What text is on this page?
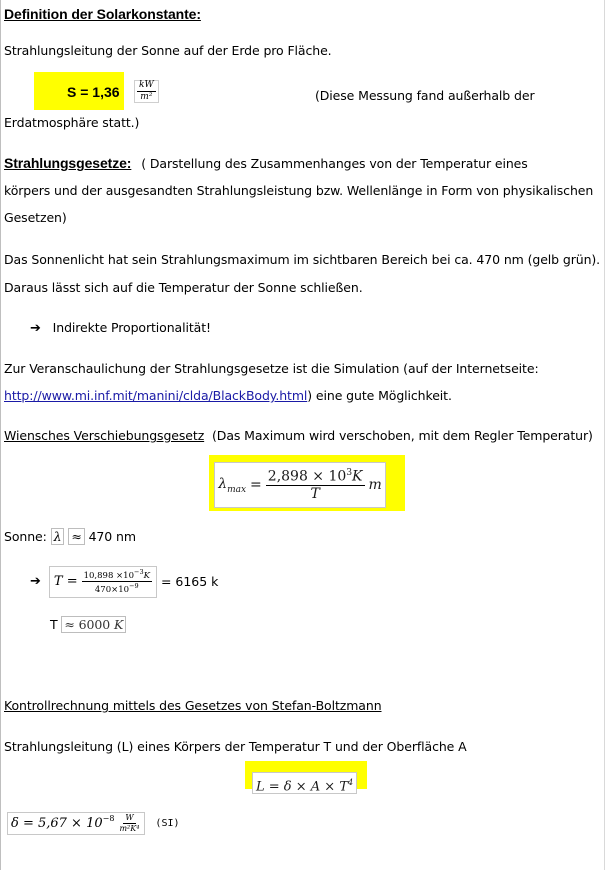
Definition der Solarkonstante:
Strahlungsleitung der Sonne auf der Erde pro Fläche.
$S = 1,36 \frac{kW}{\text{m²}}$	(Diese Messung fand außerhalb der
Erdatmosphäre statt.)
Strahlungsgesetze: ( Darstellung des Zusammenhanges von der Temperatur eines
körpers und der ausgesandten Strahlungsleistung bzw. Wellenlänge in Form von physikalischen
Gesetzen)
Das Sonnenlicht hat sein Strahlungsmaximum im sichtbaren Bereich bei ca. 470 nm (gelb grün).
Daraus lässt sich auf die Temperatur der Sonne schließen.
➔ Indirekte Proportionalität!
Zur Veranschaulichung der Strahlungsgesetze ist die Simulation (auf der Internetseite:
http://www.mi.inf.mit/manini/clda/BlackBody.html) eine gute Möglichkeit.
Wiensches Verschiebungsgesetz (Das Maximum wird verschoben, mit dem Regler Temperatur)
$\lambda_{max} = \frac{2,898 \times 10^3K}{T}$ m
Sonne: λ ≈ 470 nm
➔ $T = \frac{10,898 \times 10^{-3}K}{470\times 10^{-9}} = 6165$ k
T ≈ 6000 K
Kontrollrechnung mittels des Gesetzes von Stefan-Boltzmann
Strahlungsleitung (L) eines Körpers der Temperatur T und der Oberfläche A
$L = \delta \times A \times T^4$
$\delta = 5,67 \times 10^{-8} \frac{W}{\text{m²K⁴}} (SI)$
